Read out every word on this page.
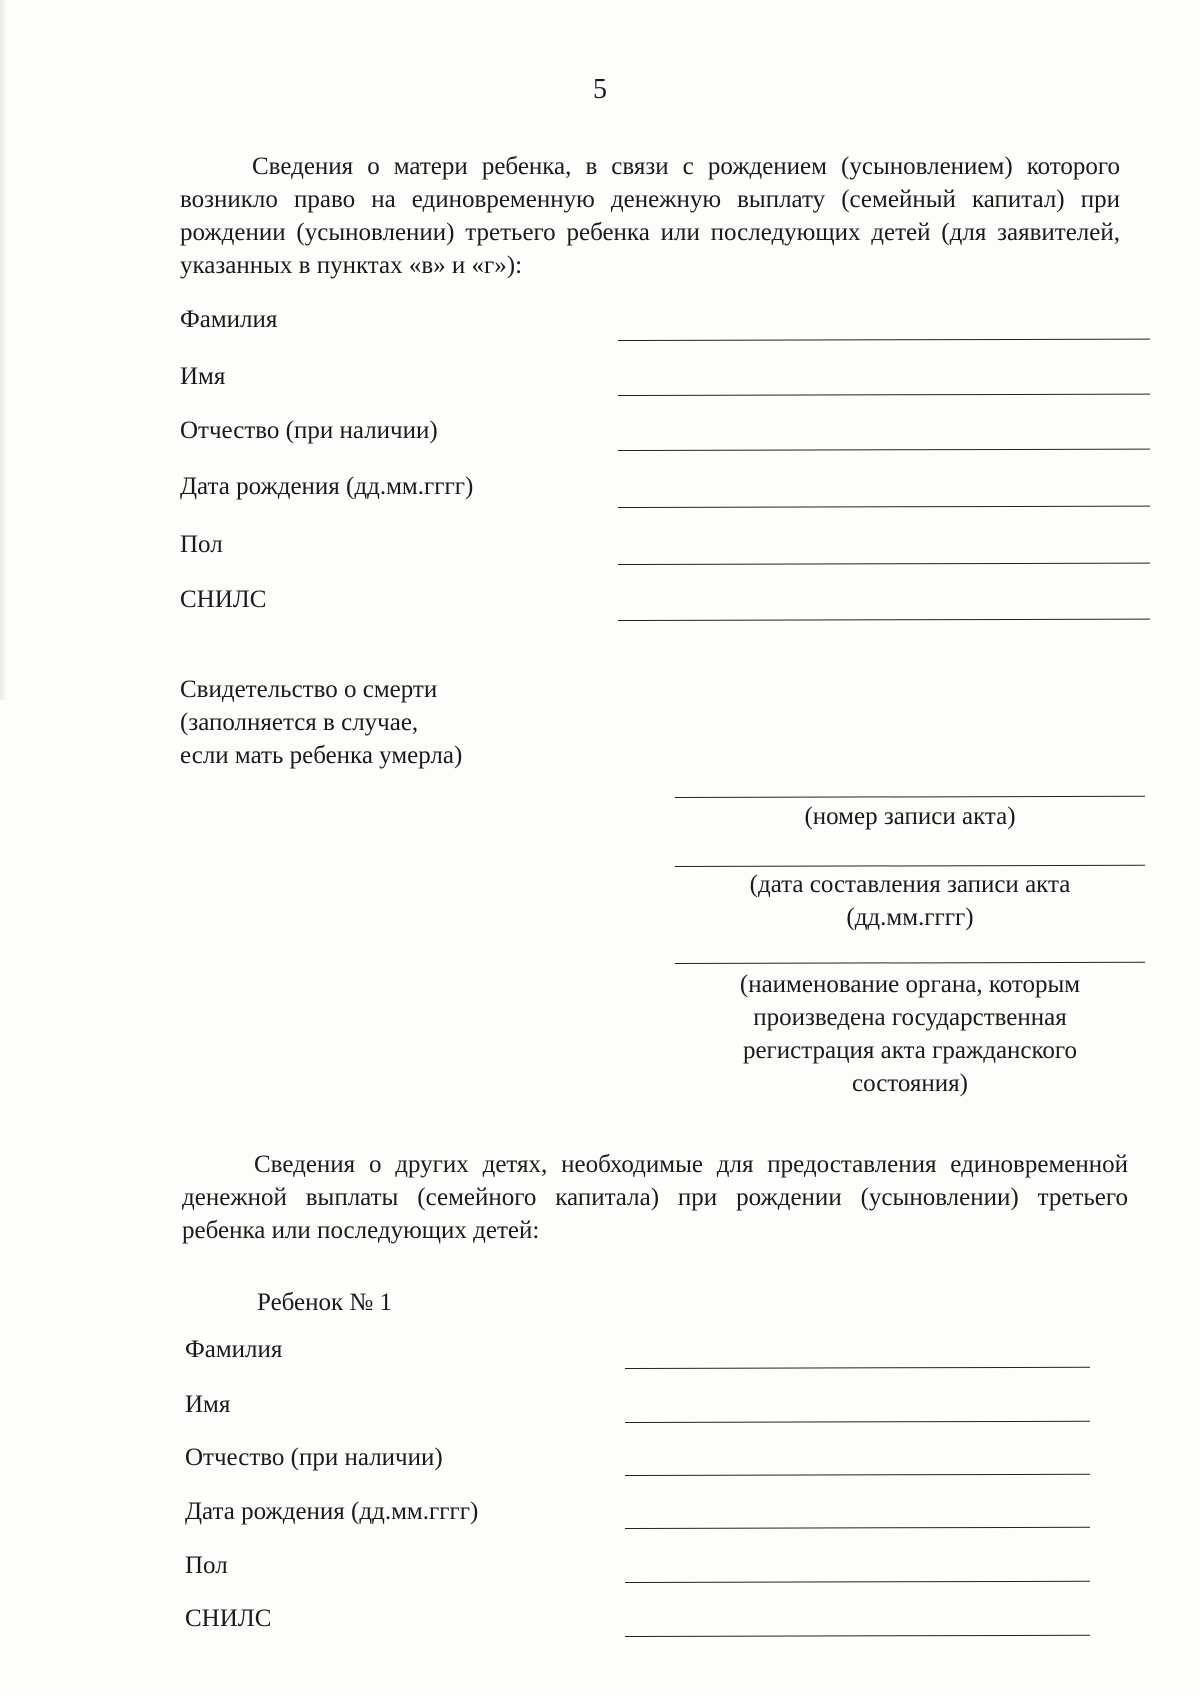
5

Сведения о матери ребенка, в связи с рождением (усыновлением) которого возникло право на единовременную денежную выплату (семейный капитал) при рождении (усыновлении) третьего ребенка или последующих детей (для заявителей, указанных в пунктах «в» и «г»):

Фамилия
Имя
Отчество (при наличии)
Дата рождения (дд.мм.гггг)
Пол
СНИЛС
Свидетельство о смерти
(заполняется в случае,
если мать ребенка умерла)
(номер записи акта)
(дата составления записи акта
(дд.мм.гггг)
(наименование органа, которым
произведена государственная
регистрация акта гражданского
состояния)

Сведения о других детях, необходимые для предоставления единовременной денежной выплаты (семейного капитала) при рождении (усыновлении) третьего ребенка или последующих детей:

Ребенок № 1
Фамилия
Имя
Отчество (при наличии)
Дата рождения (дд.мм.гггг)
Пол
СНИЛС
